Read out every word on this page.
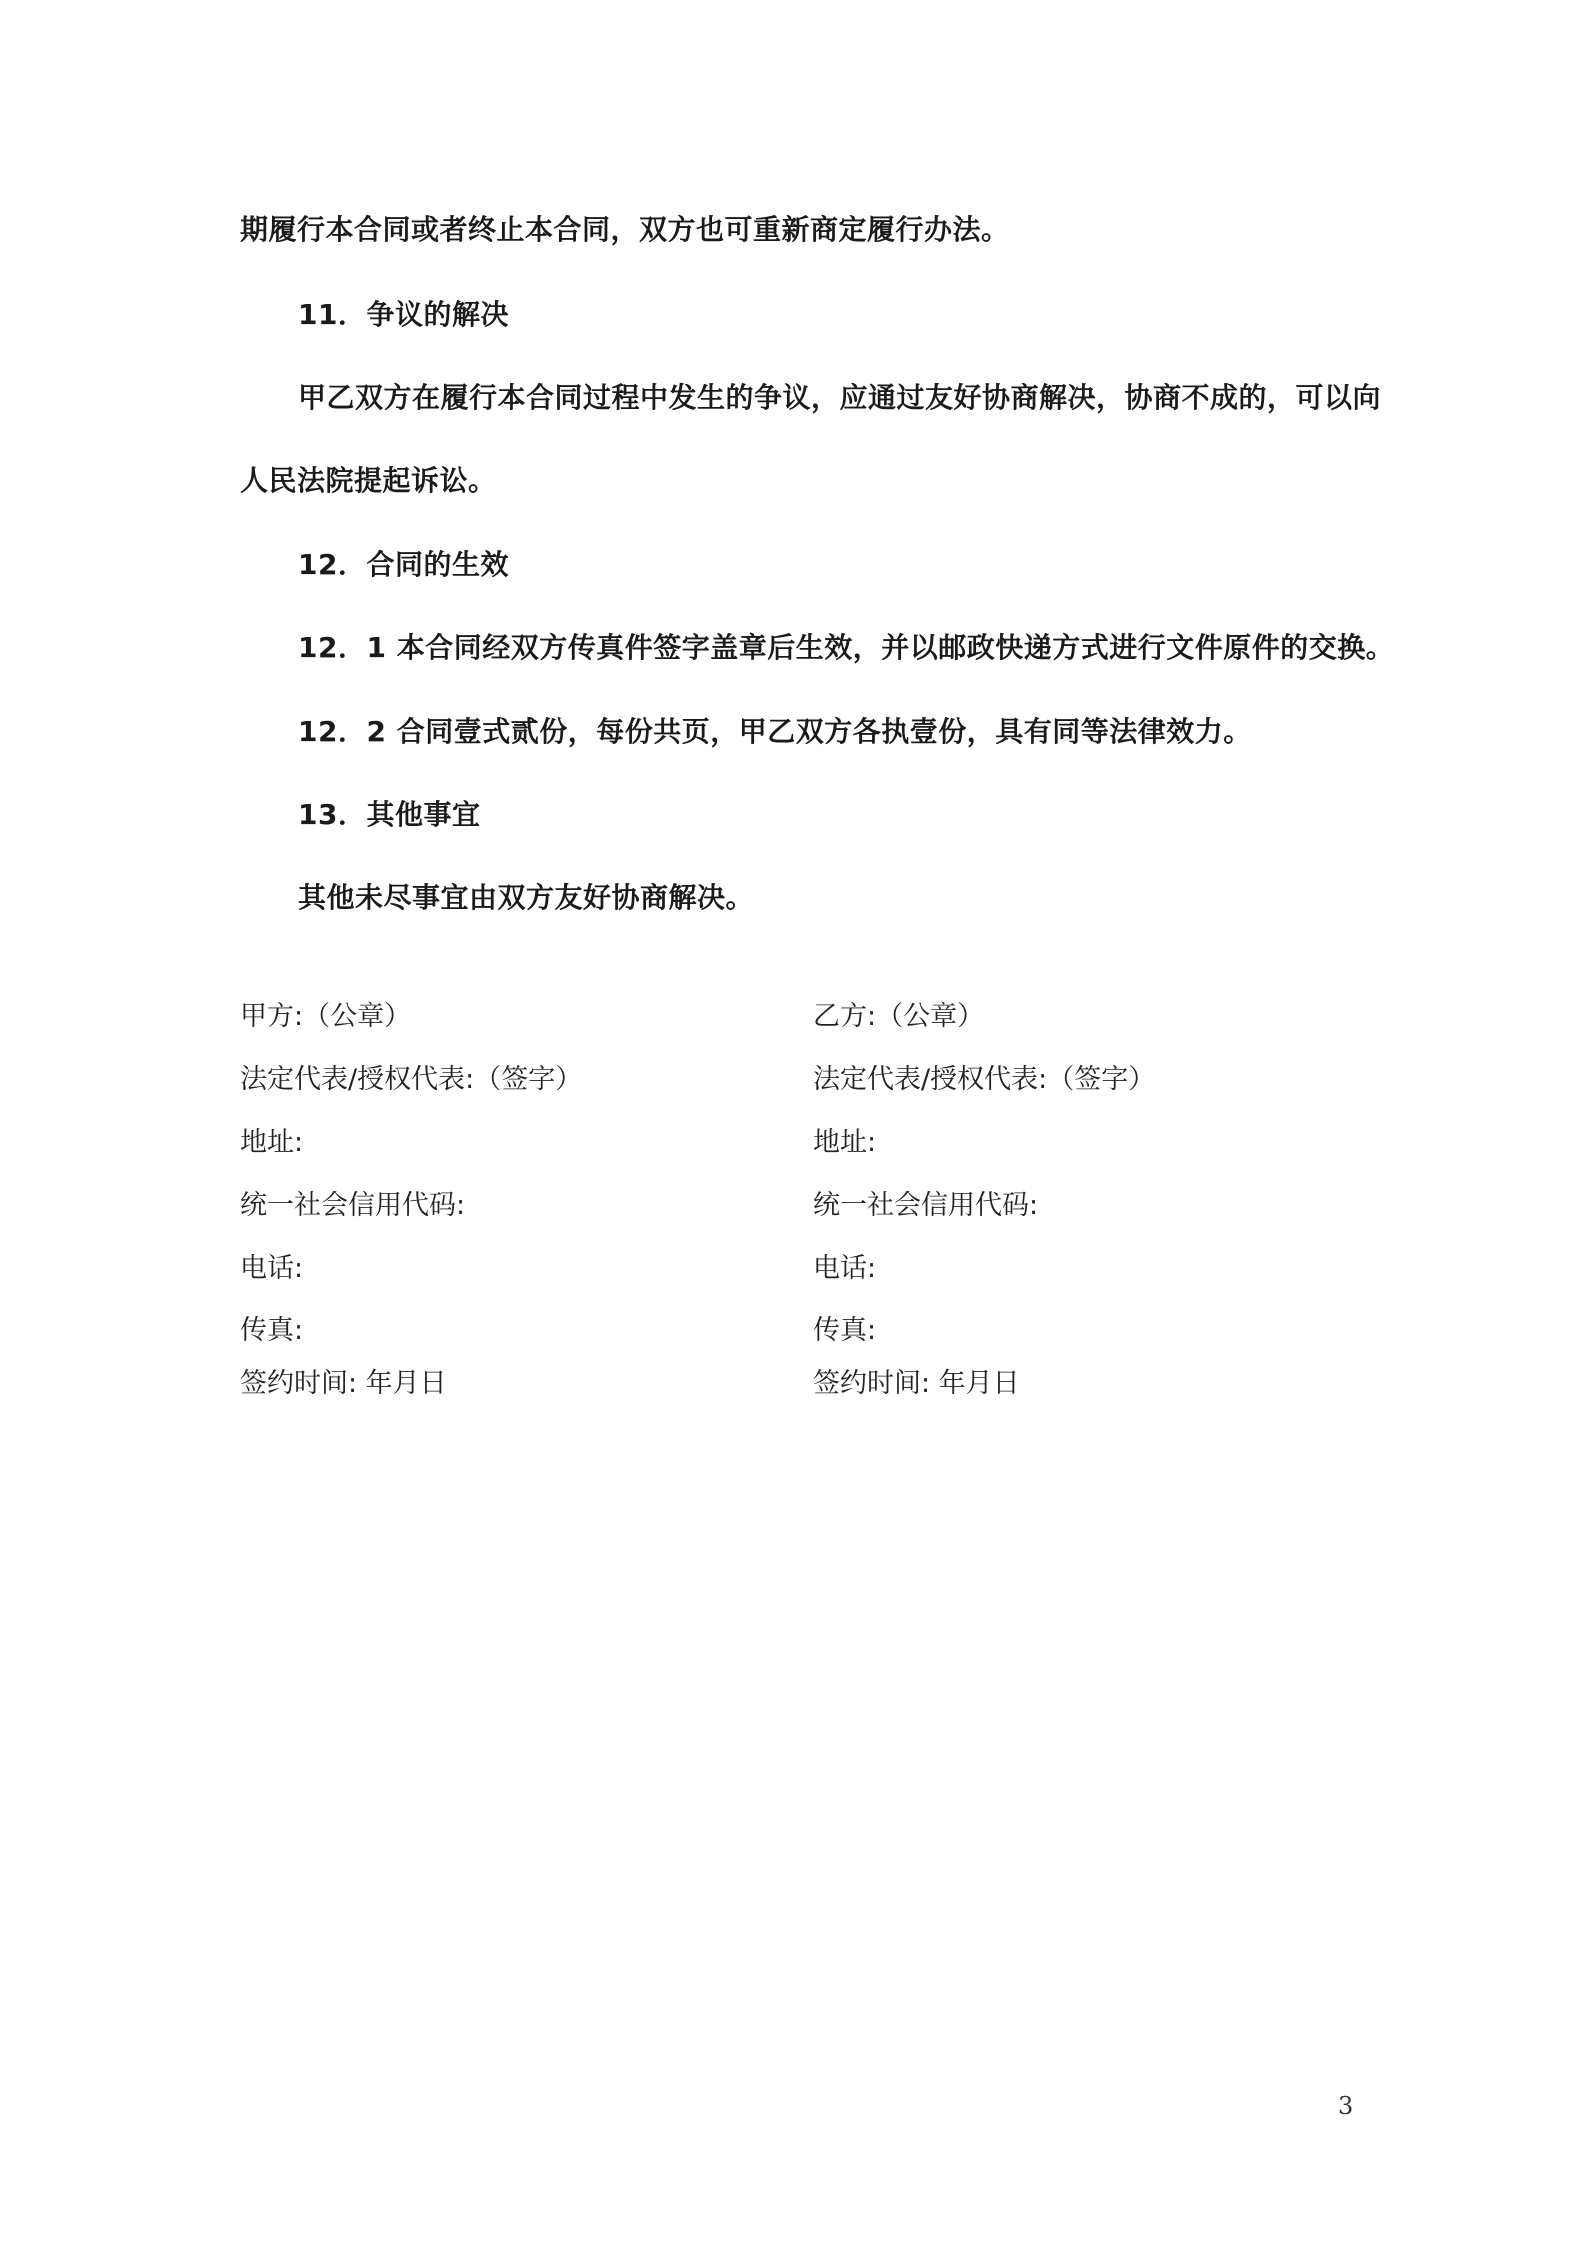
期履行本合同或者终止本合同，双方也可重新商定履行办法。
11．争议的解决
甲乙双方在履行本合同过程中发生的争议，应通过友好协商解决，协商不成的，可以向
人民法院提起诉讼。
12．合同的生效
12．1 本合同经双方传真件签字盖章后生效，并以邮政快递方式进行文件原件的交换。
12．2 合同壹式贰份，每份共页，甲乙双方各执壹份，具有同等法律效力。
13．其他事宜
其他未尽事宜由双方友好协商解决。
甲方:（公章）
法定代表/授权代表:（签字）
地址:
统一社会信用代码:
电话:
传真:
签约时间: 年月日
乙方:（公章）
法定代表/授权代表:（签字）
地址:
统一社会信用代码:
电话:
传真:
签约时间: 年月日
3
